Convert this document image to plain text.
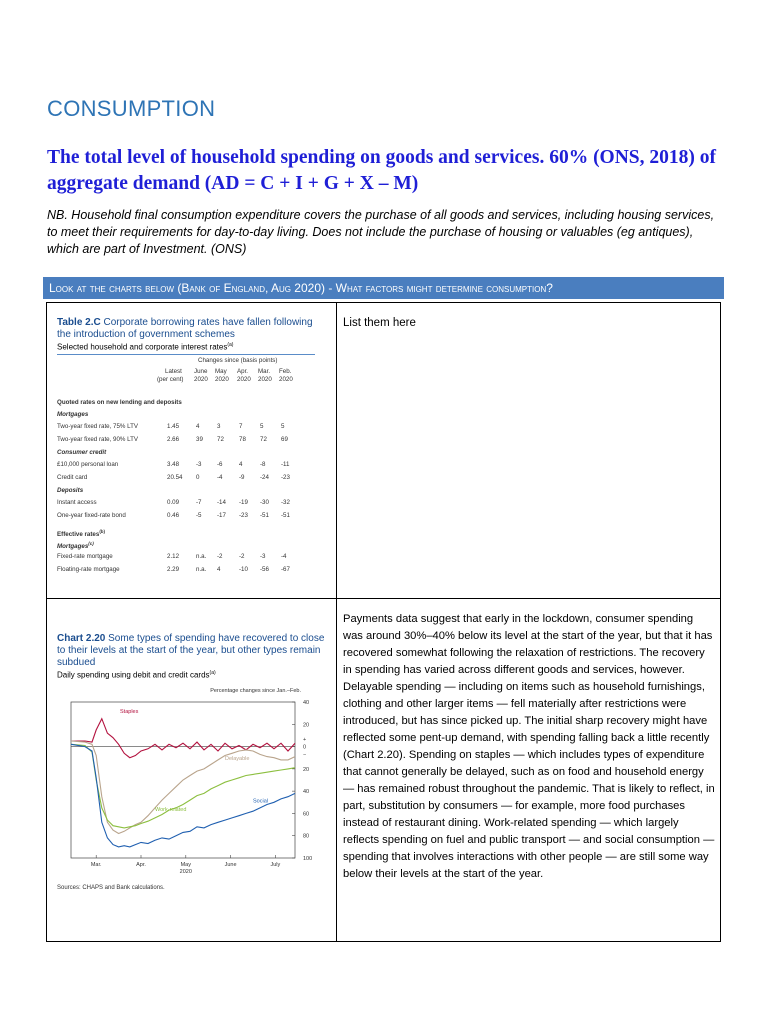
CONSUMPTION
The total level of household spending on goods and services. 60% (ONS, 2018) of aggregate demand (AD = C + I + G + X – M)
NB. Household final consumption expenditure covers the purchase of all goods and services, including housing services, to meet their requirements for day-to-day living. Does not include the purchase of housing or valuables (eg antiques), which are part of Investment. (ONS)
Look at the charts below (Bank of England, Aug 2020) - What factors might determine consumption?
Table 2.C Corporate borrowing rates have fallen following the introduction of government schemes
Selected household and corporate interest rates$^{(a)}$
Changes since (basis points)
Latest June May Apr. Mar. Feb.
(per cent) 2020 2020 2020 2020 2020
Quoted rates on new lending and deposits
Mortgages
Two-year fixed rate, 75% LTV	1.45	4	3	7	5	5
Two-year fixed rate, 90% LTV	2.66	39 72 78 72 69
Consumer credit
£10,000 personal loan	3.48	-3 -6	4	-8 -11
Credit card	20.54 0	-4	-9 -24 -23
Deposits
Instant access	0.09	-7 -14 -19 -30 -32
One-year fixed-rate bond	0.46	-5 -17 -23 -51 -51
Effective rates$^{(b)}$
Mortgages$^{(c)}$
Fixed-rate mortgage	2.12	n.a. -2	-2 -3 -4
Floating-rate mortgage	2.29	n.a. 4	-10 -56 -67
List them here
Chart 2.20 Some types of spending have recovered to close to their levels at the start of the year, but other types remain subdued
Daily spending using debit and credit cards$^{(a)}$
Percentage changes since Jan.–Feb.
40
20
+
0
−
20
40
60
80
100
Mar.	Apr.	May
2020
June	July
Staples
Delayable
Work-related
Social
Sources: CHAPS and Bank calculations.
Payments data suggest that early in the lockdown, consumer spending was around 30%–40% below its level at the start of the year, but that it has recovered somewhat following the relaxation of restrictions. The recovery in spending has varied across different goods and services, however. Delayable spending — including on items such as household furnishings, clothing and other larger items — fell materially after restrictions were introduced, but has since picked up. The initial sharp recovery might have reflected some pent-up demand, with spending falling back a little recently (Chart 2.20). Spending on staples — which includes types of expenditure that cannot generally be delayed, such as on food and household energy — has remained robust throughout the pandemic. That is likely to reflect, in part, substitution by consumers — for example, more food purchases instead of restaurant dining. Work-related spending — which largely reflects spending on fuel and public transport — and social consumption — spending that involves interactions with other people — are still some way below their levels at the start of the year.
